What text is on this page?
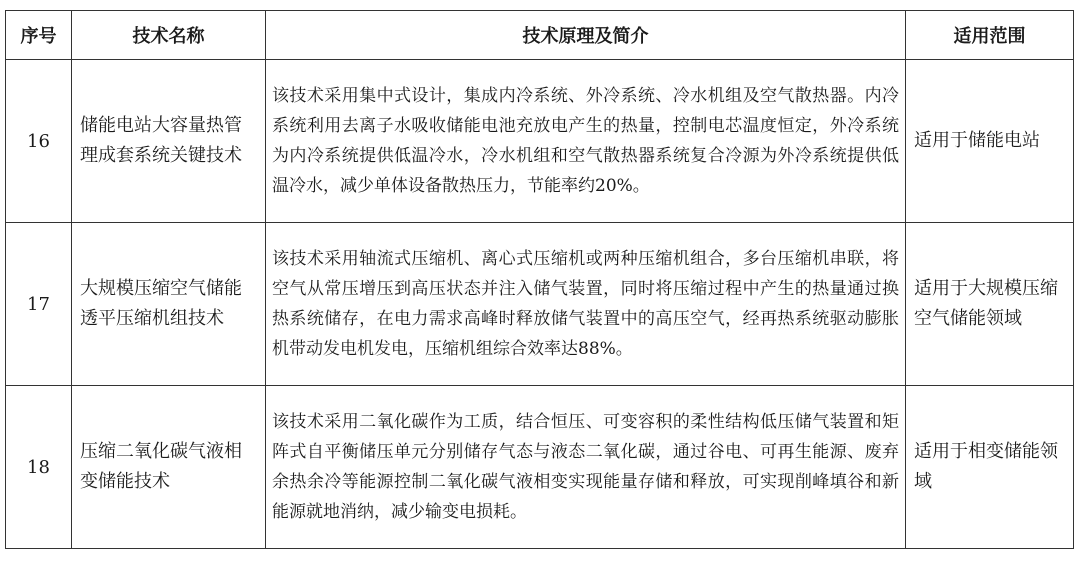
序号	技术名称	技术原理及简介	适用范围
16	储能电站大容量热管理成套系统关键技术	该技术采用集中式设计，集成内冷系统、外冷系统、冷水机组及空气散热器。内冷系统利用去离子水吸收储能电池充放电产生的热量，控制电芯温度恒定，外冷系统为内冷系统提供低温冷水，冷水机组和空气散热器系统复合冷源为外冷系统提供低温冷水，减少单体设备散热压力，节能率约20%。	适用于储能电站
17	大规模压缩空气储能透平压缩机组技术	该技术采用轴流式压缩机、离心式压缩机或两种压缩机组合，多台压缩机串联，将空气从常压增压到高压状态并注入储气装置，同时将压缩过程中产生的热量通过换热系统储存，在电力需求高峰时释放储气装置中的高压空气，经再热系统驱动膨胀机带动发电机发电，压缩机组综合效率达88%。	适用于大规模压缩空气储能领域
18	压缩二氧化碳气液相变储能技术	该技术采用二氧化碳作为工质，结合恒压、可变容积的柔性结构低压储气装置和矩阵式自平衡储压单元分别储存气态与液态二氧化碳，通过谷电、可再生能源、废弃余热余冷等能源控制二氧化碳气液相变实现能量存储和释放，可实现削峰填谷和新能源就地消纳，减少输变电损耗。	适用于相变储能领域
